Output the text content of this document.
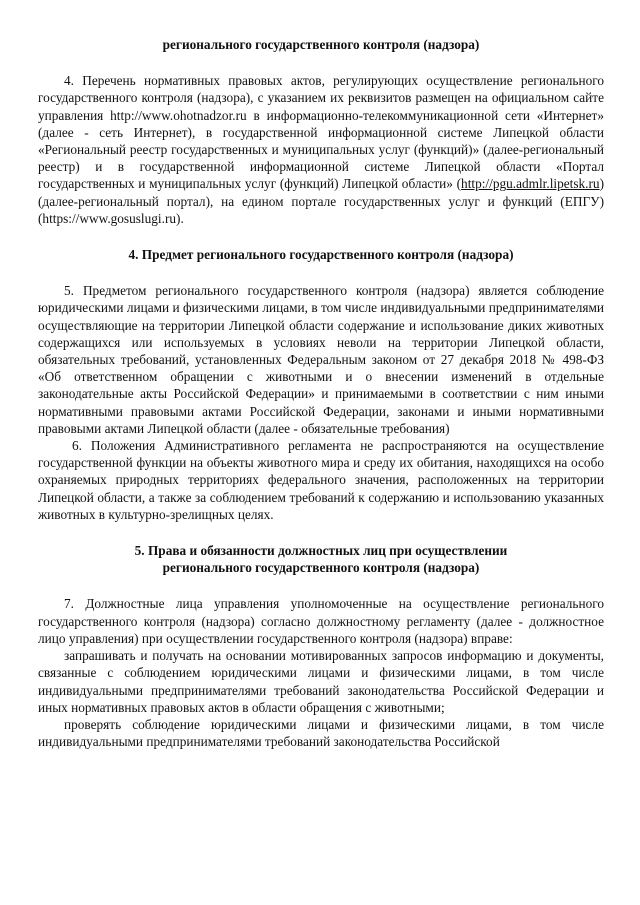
регионального государственного контроля (надзора)

4. Перечень нормативных правовых актов, регулирующих осуществление регионального государственного контроля (надзора), с указанием их реквизитов размещен на официальном сайте управления http://www.ohotnadzor.ru в информационно-телекоммуникационной сети «Интернет» (далее - сеть Интернет), в государственной информационной системе Липецкой области «Региональный реестр государственных и муниципальных услуг (функций)» (далее-региональный реестр) и в государственной информационной системе Липецкой области «Портал государственных и муниципальных услуг (функций) Липецкой области» (http://pgu.admlr.lipetsk.ru) (далее-региональный портал), на едином портале государственных услуг и функций (ЕПГУ) (https://www.gosuslugi.ru).

4. Предмет регионального государственного контроля (надзора)

5. Предметом регионального государственного контроля (надзора) является соблюдение юридическими лицами и физическими лицами, в том числе индивидуальными предпринимателями осуществляющие на территории Липецкой области содержание и использование диких животных содержащихся или используемых в условиях неволи на территории Липецкой области, обязательных требований, установленных Федеральным законом от 27 декабря 2018 № 498-ФЗ «Об ответственном обращении с животными и о внесении изменений в отдельные законодательные акты Российской Федерации» и принимаемыми в соответствии с ним иными нормативными правовыми актами Российской Федерации, законами и иными нормативными правовыми актами Липецкой области (далее - обязательные требования)

6. Положения Административного регламента не распространяются на осуществление государственной функции на объекты животного мира и среду их обитания, находящихся на особо охраняемых природных территориях федерального значения, расположенных на территории Липецкой области, а также за соблюдением требований к содержанию и использованию указанных животных в культурно-зрелищных целях.

5. Права и обязанности должностных лиц при осуществлении
регионального государственного контроля (надзора)

7. Должностные лица управления уполномоченные на осуществление регионального государственного контроля (надзора) согласно должностному регламенту (далее - должностное лицо управления) при осуществлении государственного контроля (надзора) вправе:

запрашивать и получать на основании мотивированных запросов информацию и документы, связанные с соблюдением юридическими лицами и физическими лицами, в том числе индивидуальными предпринимателями требований законодательства Российской Федерации и иных нормативных правовых актов в области обращения с животными;

проверять соблюдение юридическими лицами и физическими лицами, в том числе индивидуальными предпринимателями требований законодательства Российской
